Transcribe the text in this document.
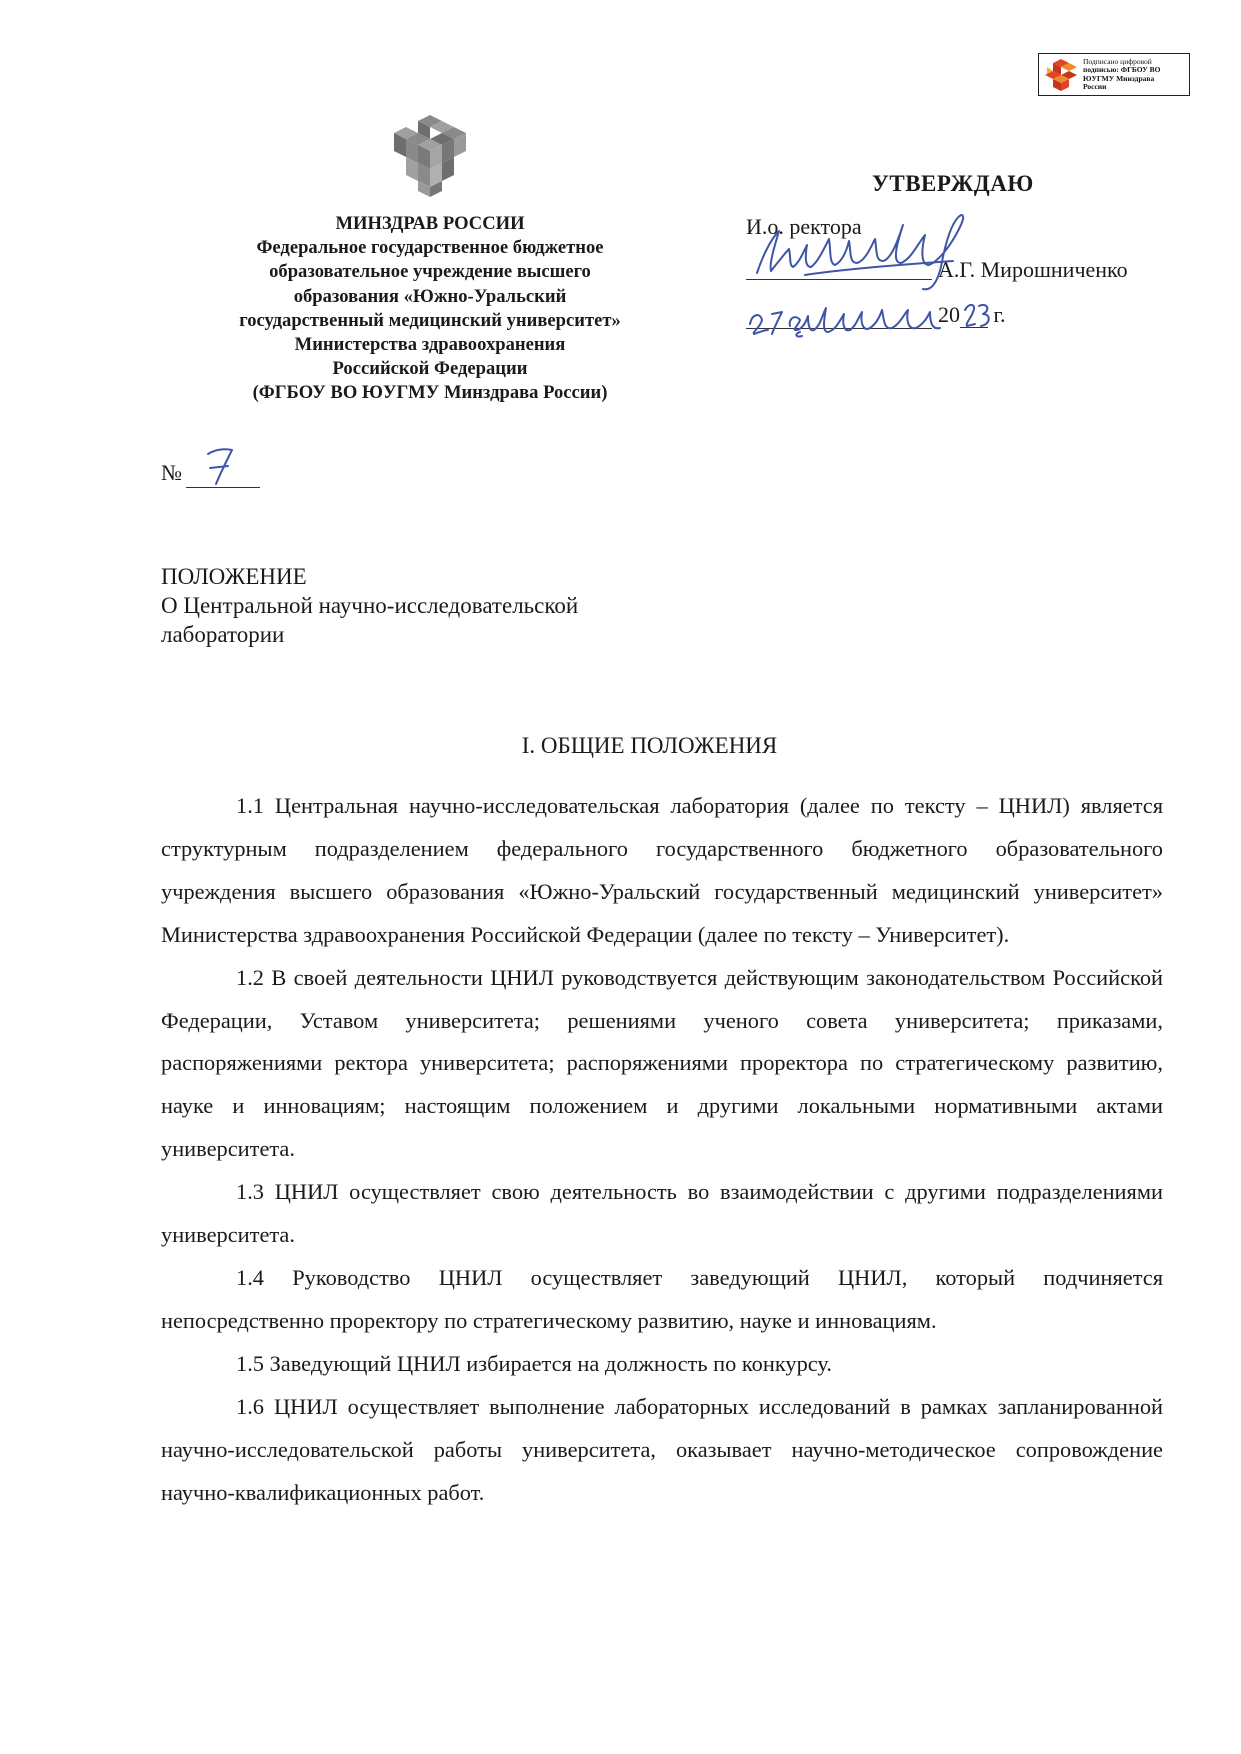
Подписано цифровой
подписью: ФГБОУ ВО
ЮУГМУ Минздрава
России
МИНЗДРАВ РОССИИ
Федеральное государственное бюджетное
образовательное учреждение высшего
образования «Южно-Уральский
государственный медицинский университет»
Министерства здравоохранения
Российской Федерации
(ФГБОУ ВО ЮУГМУ Минздрава России)
УТВЕРЖДАЮ
И.о. ректора
А.Г. Мирошниченко
20 г.
№
ПОЛОЖЕНИЕ
О Центральной научно-исследовательской
лаборатории
I. ОБЩИЕ ПОЛОЖЕНИЯ

1.1 Центральная научно-исследовательская лаборатория (далее по тексту – ЦНИЛ) является структурным подразделением федерального государственного бюджетного образовательного учреждения высшего образования «Южно-Уральский государственный медицинский университет» Министерства здравоохранения Российской Федерации (далее по тексту – Университет).

1.2 В своей деятельности ЦНИЛ руководствуется действующим законодательством Российской Федерации, Уставом университета; решениями ученого совета университета; приказами, распоряжениями ректора университета; распоряжениями проректора по стратегическому развитию, науке и инновациям; настоящим положением и другими локальными нормативными актами университета.

1.3 ЦНИЛ осуществляет свою деятельность во взаимодействии с другими подразделениями университета.

1.4 Руководство ЦНИЛ осуществляет заведующий ЦНИЛ, который подчиняется непосредственно проректору по стратегическому развитию, науке и инновациям.

1.5 Заведующий ЦНИЛ избирается на должность по конкурсу.

1.6 ЦНИЛ осуществляет выполнение лабораторных исследований в рамках запланированной научно-исследовательской работы университета, оказывает научно-методическое сопровождение научно-квалификационных работ.
